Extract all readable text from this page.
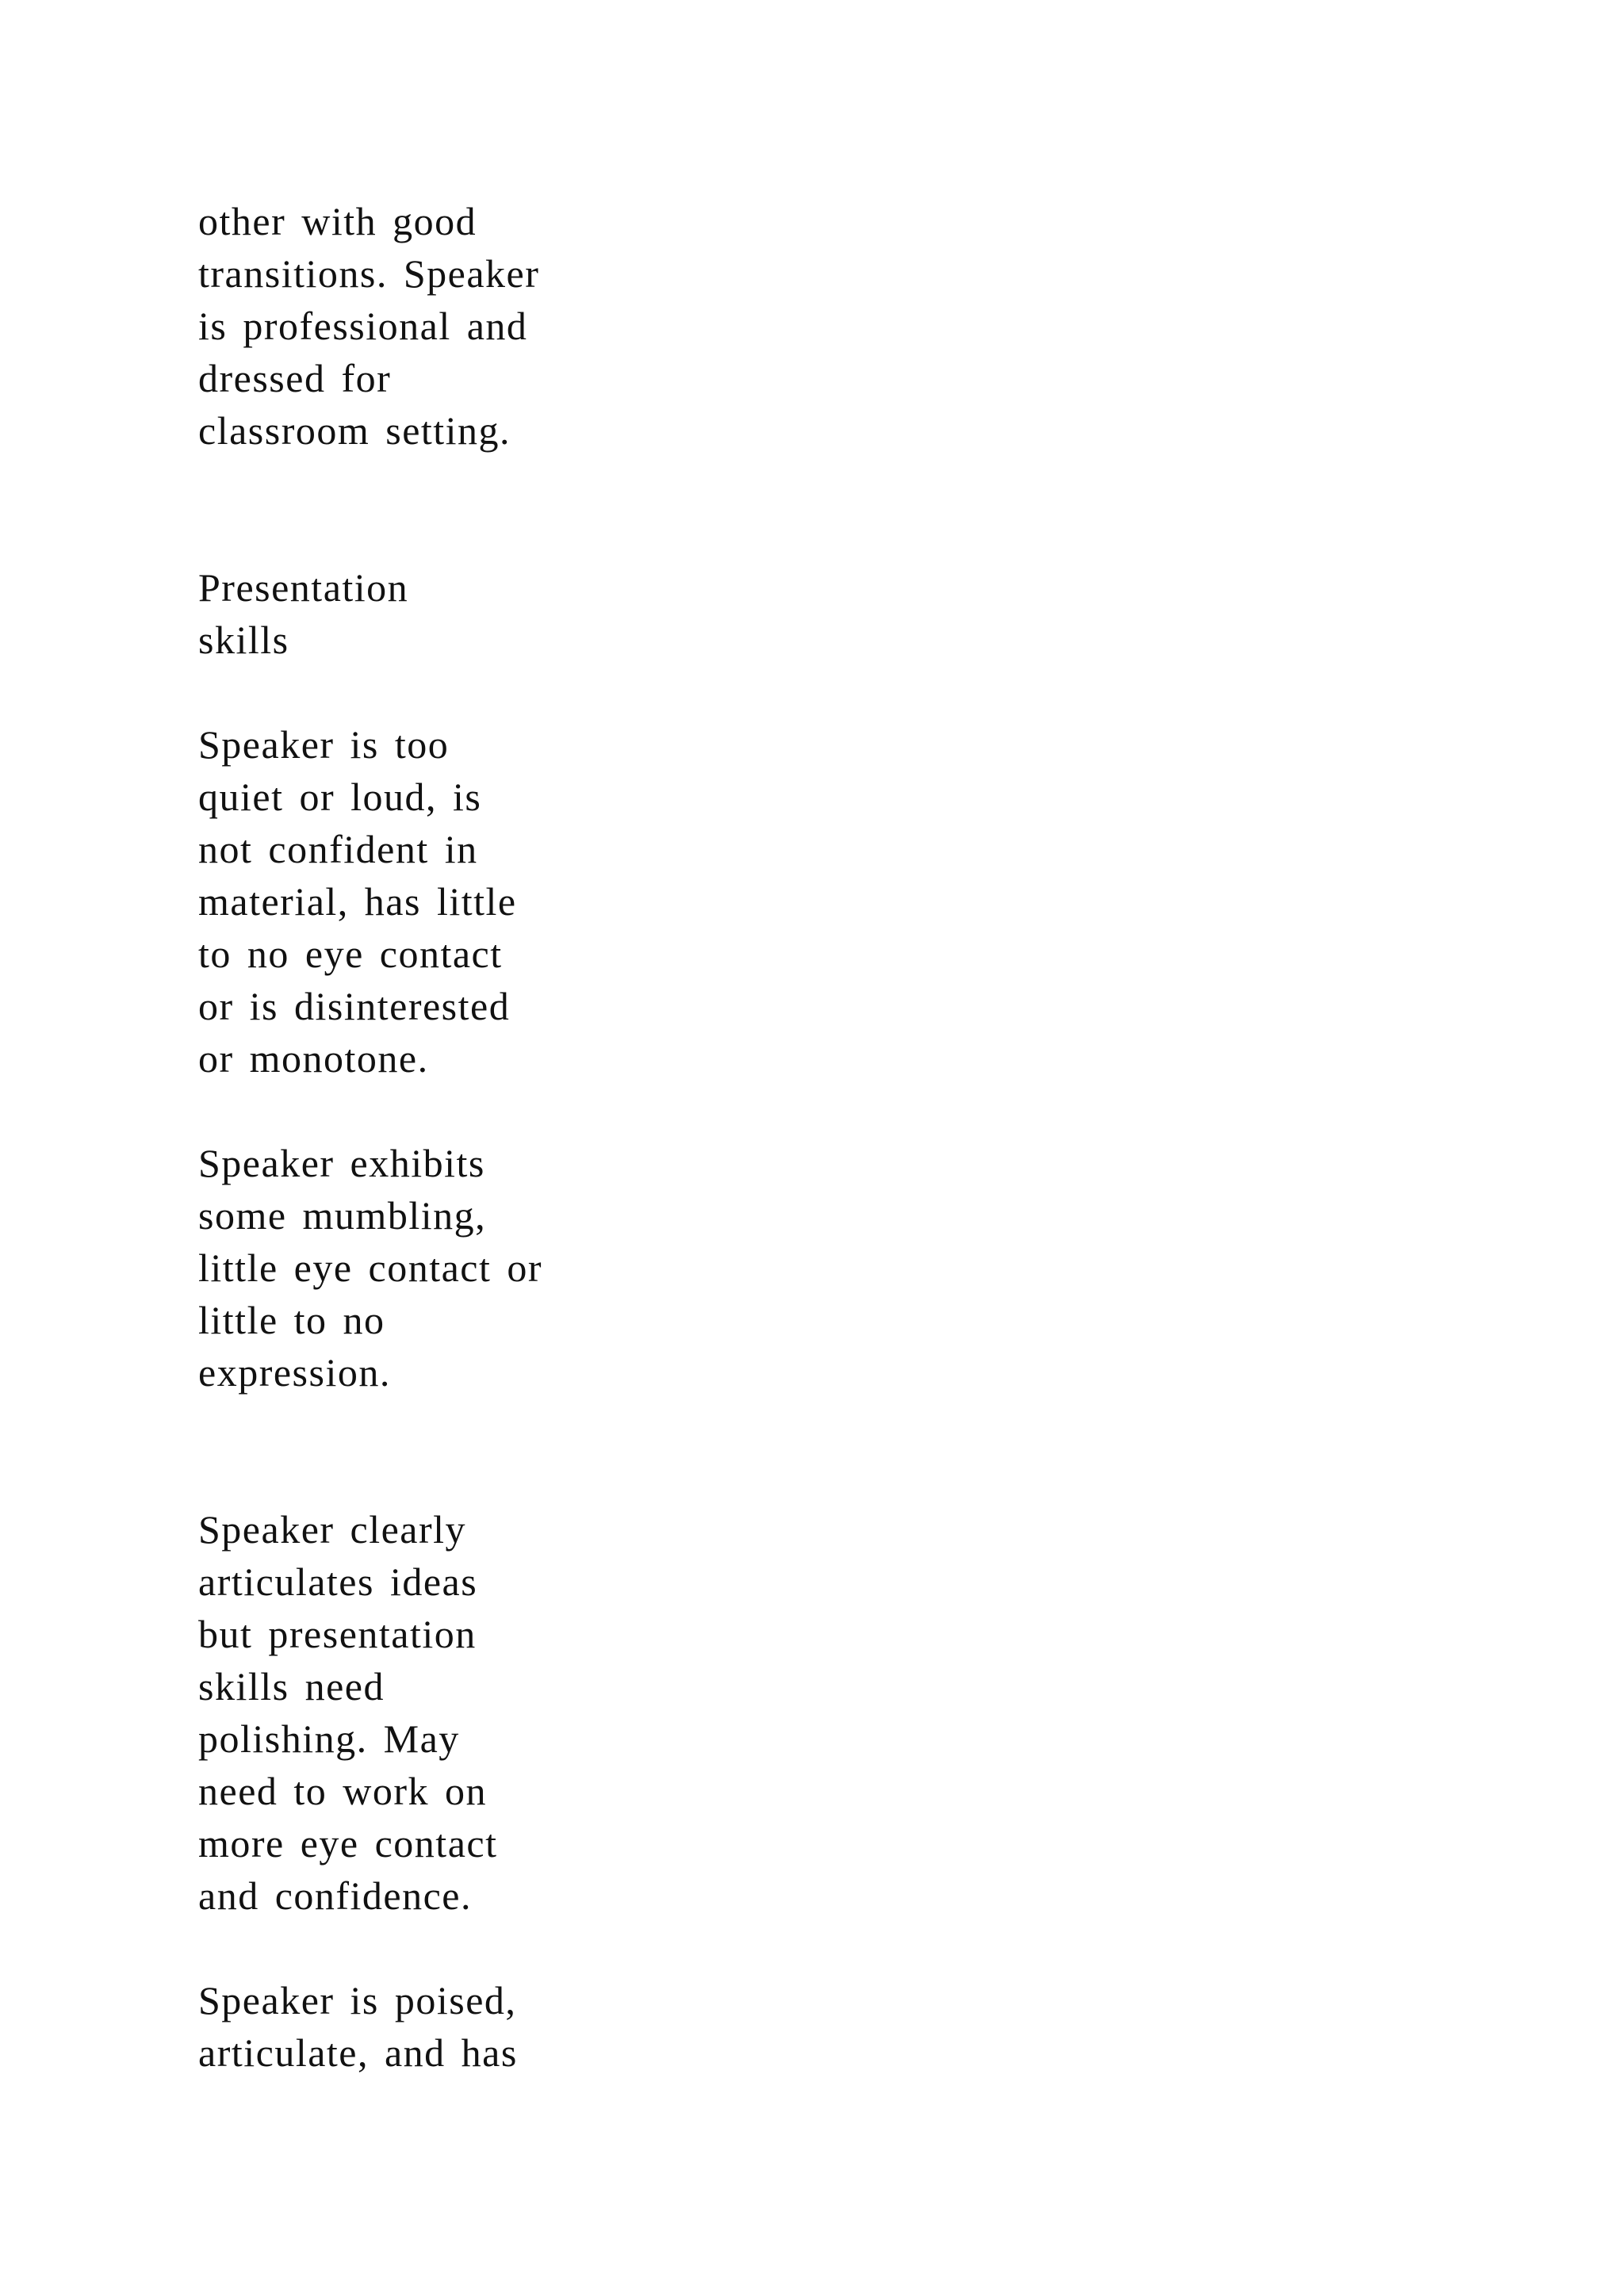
other with good
transitions. Speaker
is professional and
dressed for
classroom setting.

Presentation
skills

Speaker is too
quiet or loud, is
not confident in
material, has little
to no eye contact
or is disinterested
or monotone.

Speaker exhibits
some mumbling,
little eye contact or
little to no
expression.

Speaker clearly
articulates ideas
but presentation
skills need
polishing. May
need to work on
more eye contact
and confidence.

Speaker is poised,
articulate, and has
